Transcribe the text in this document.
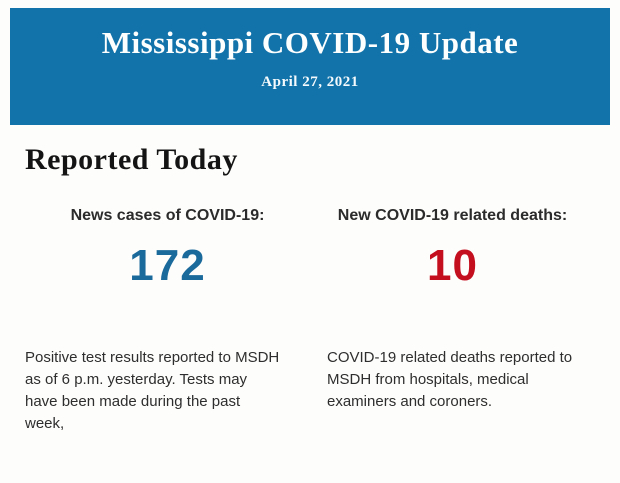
Mississippi COVID-19 Update

April 27, 2021

Reported Today

News cases of COVID-19:

172

New COVID-19 related deaths:

10

Positive test results reported to MSDH as of 6 p.m. yesterday. Tests may have been made during the past week,

COVID-19 related deaths reported to MSDH from hospitals, medical examiners and coroners.
